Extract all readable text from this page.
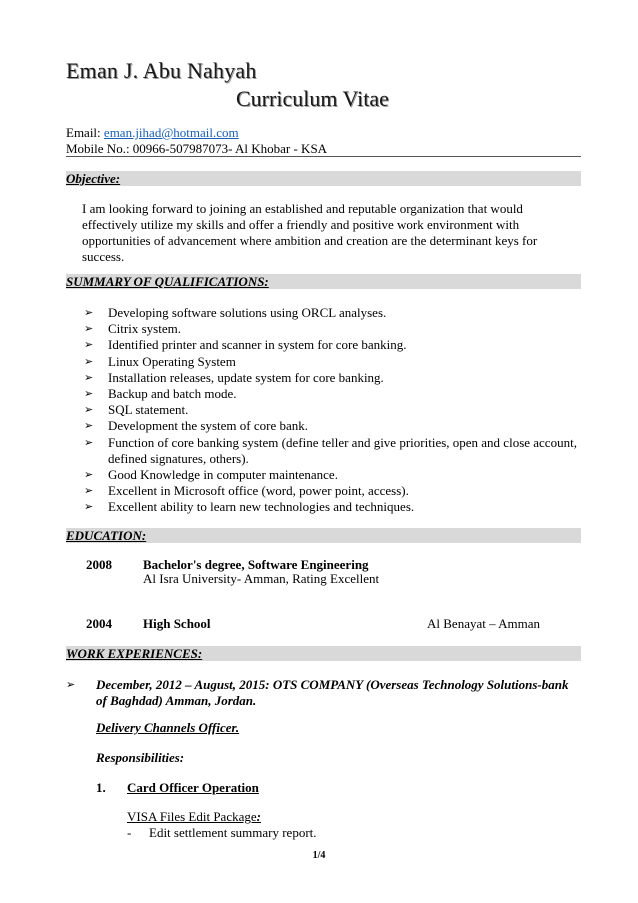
Eman J. Abu Nahyah
Curriculum Vitae
Email: eman.jihad@hotmail.com
Mobile No.: 00966-507987073- Al Khobar - KSA
Objective:
I am looking forward to joining an established and reputable organization that would effectively utilize my skills and offer a friendly and positive work environment with opportunities of advancement where ambition and creation are the determinant keys for success.
SUMMARY OF QUALIFICATIONS:
➢ Developing software solutions using ORCL analyses.
➢ Citrix system.
➢ Identified printer and scanner in system for core banking.
➢ Linux Operating System
➢ Installation releases, update system for core banking.
➢ Backup and batch mode.
➢ SQL statement.
➢ Development the system of core bank.
➢ Function of core banking system (define teller and give priorities, open and close account, defined signatures, others).
➢ Good Knowledge in computer maintenance.
➢ Excellent in Microsoft office (word, power point, access).
➢ Excellent ability to learn new technologies and techniques.
EDUCATION:
2008 Bachelor's degree, Software Engineering
Al Isra University- Amman, Rating Excellent
2004 High School	Al Benayat – Amman
WORK EXPERIENCES:
➢ December, 2012 – August, 2015: OTS COMPANY (Overseas Technology Solutions-bank of Baghdad) Amman, Jordan.
Delivery Channels Officer.
Responsibilities:
1. Card Officer Operation
VISA Files Edit Package:
- Edit settlement summary report.
1/4
